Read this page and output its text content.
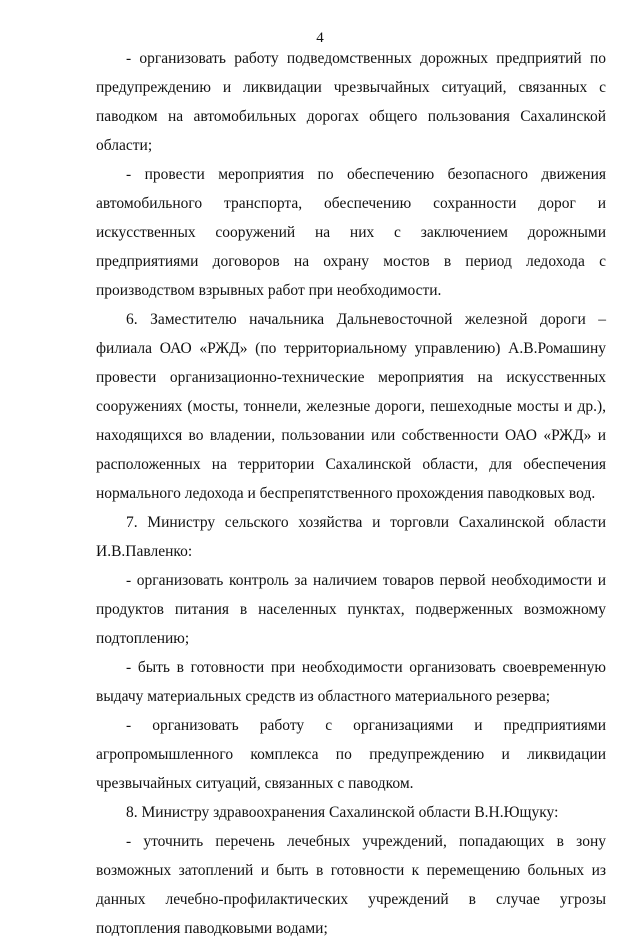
4

- организовать работу подведомственных дорожных предприятий по предупреждению и ликвидации чрезвычайных ситуаций, связанных с паводком на автомобильных дорогах общего пользования Сахалинской области;

- провести мероприятия по обеспечению безопасного движения автомобильного транспорта, обеспечению сохранности дорог и искусственных сооружений на них с заключением дорожными предприятиями договоров на охрану мостов в период ледохода с производством взрывных работ при необходимости.

6. Заместителю начальника Дальневосточной железной дороги – филиала ОАО «РЖД» (по территориальному управлению) А.В.Ромашину провести организационно-технические мероприятия на искусственных сооружениях (мосты, тоннели, железные дороги, пешеходные мосты и др.), находящихся во владении, пользовании или собственности ОАО «РЖД» и расположенных на территории Сахалинской области, для обеспечения нормального ледохода и беспрепятственного прохождения паводковых вод.

7. Министру сельского хозяйства и торговли Сахалинской области И.В.Павленко:

- организовать контроль за наличием товаров первой необходимости и продуктов питания в населенных пунктах, подверженных возможному подтоплению;

- быть в готовности при необходимости организовать своевременную выдачу материальных средств из областного материального резерва;

- организовать работу с организациями и предприятиями агропромышленного комплекса по предупреждению и ликвидации чрезвычайных ситуаций, связанных с паводком.

8. Министру здравоохранения Сахалинской области В.Н.Ющуку:

- уточнить перечень лечебных учреждений, попадающих в зону возможных затоплений и быть в готовности к перемещению больных из данных лечебно-профилактических учреждений в случае угрозы подтопления паводковыми водами;
